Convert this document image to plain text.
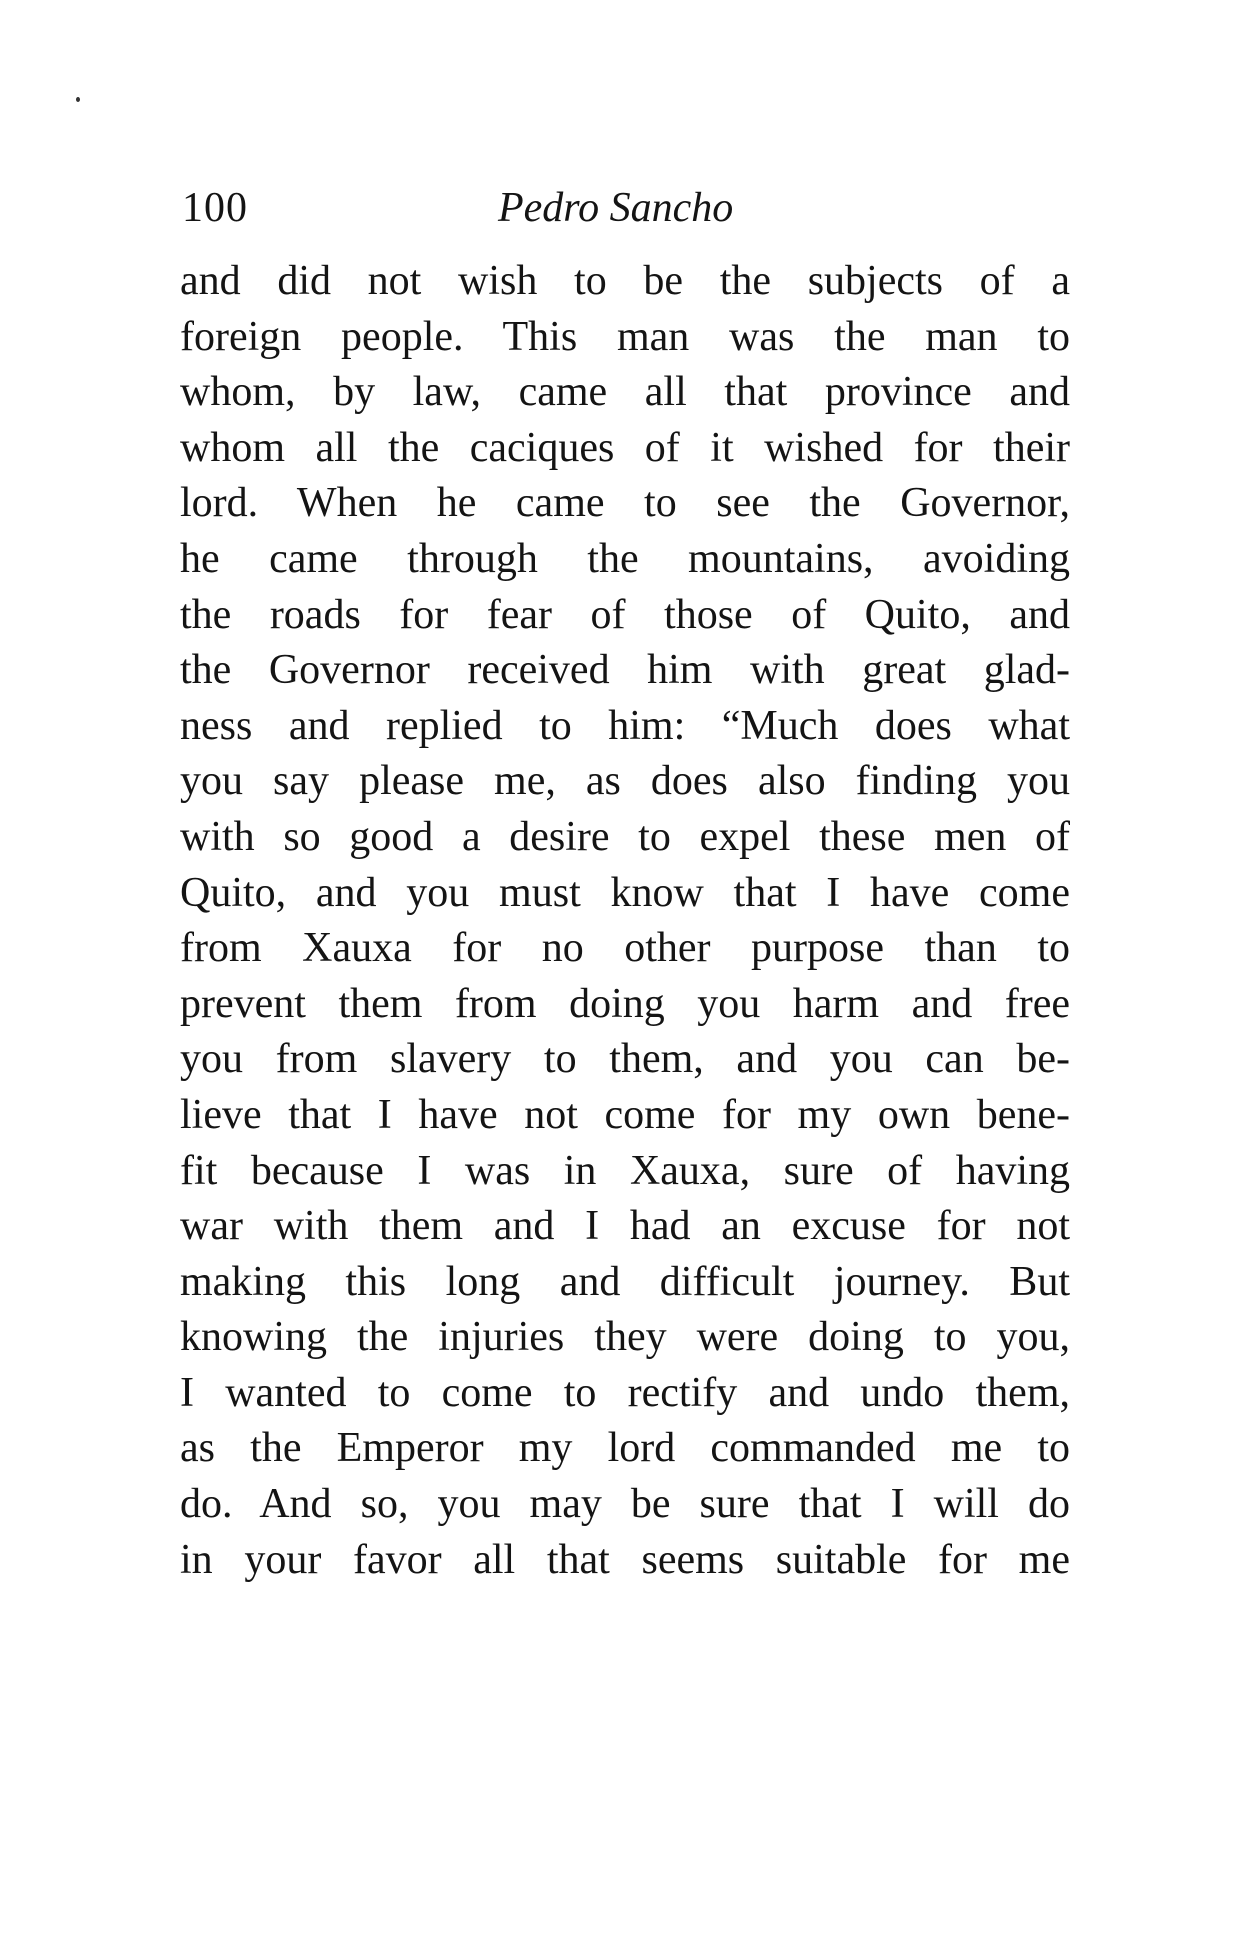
100	Pedro Sancho
and did not wish to be the subjects of a
foreign people. This man was the man to
whom, by law, came all that province and
whom all the caciques of it wished for their
lord. When he came to see the Governor,
he came through the mountains, avoiding
the roads for fear of those of Quito, and
the Governor received him with great glad-
ness and replied to him: “Much does what
you say please me, as does also finding you
with so good a desire to expel these men of
Quito, and you must know that I have come
from Xauxa for no other purpose than to
prevent them from doing you harm and free
you from slavery to them, and you can be-
lieve that I have not come for my own bene-
fit because I was in Xauxa, sure of having
war with them and I had an excuse for not
making this long and difficult journey. But
knowing the injuries they were doing to you,
I wanted to come to rectify and undo them,
as the Emperor my lord commanded me to
do. And so, you may be sure that I will do
in your favor all that seems suitable for me
